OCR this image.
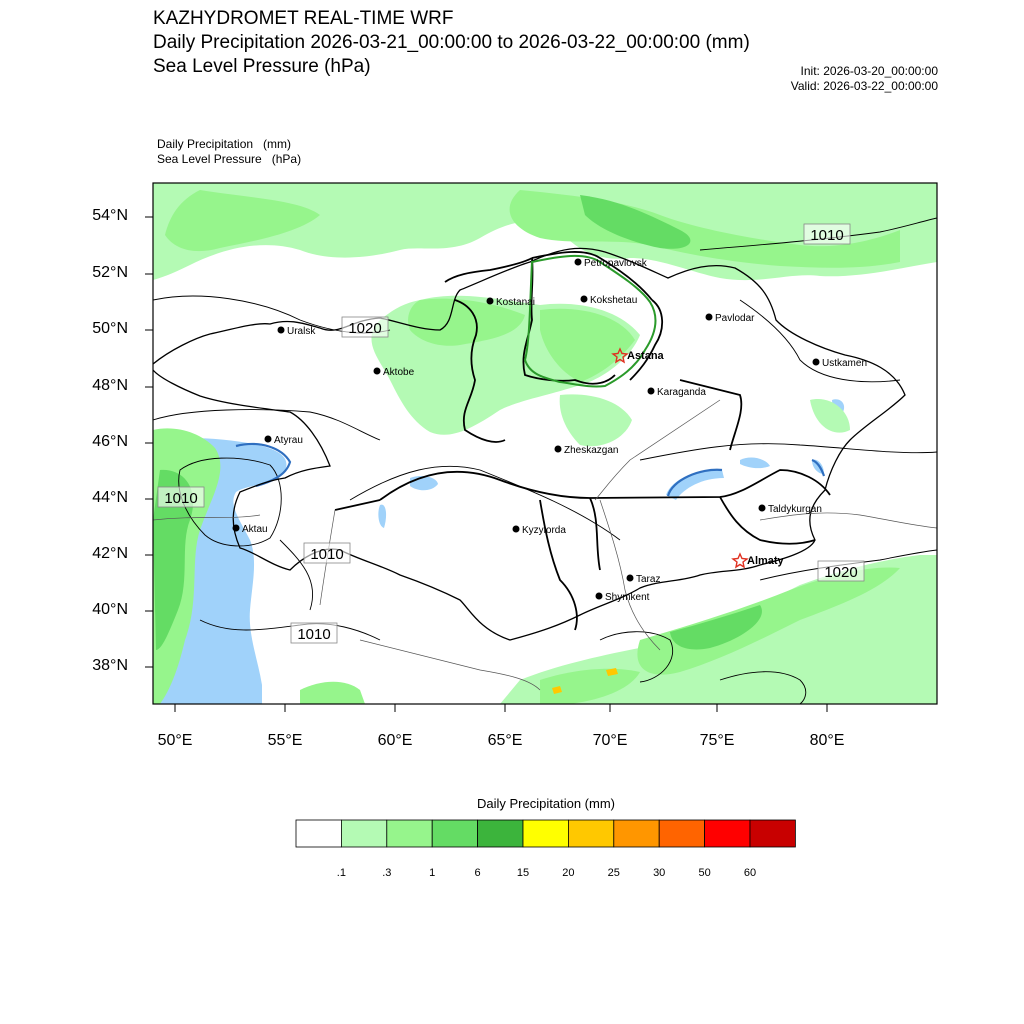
KAZHYDROMET REAL-TIME WRF
Daily Precipitation 2026-03-21_00:00:00 to 2026-03-22_00:00:00 (mm)
Sea Level Pressure (hPa)	Init: 2026-03-20_00:00:00
Valid: 2026-03-22_00:00:00
Daily Precipitation   (mm)
Sea Level Pressure   (hPa)
Petropavlovsk
Kostanai	Kokshetau
Pavlodar
Uralsk
Aktobe
Astana
Ustkamen
Karaganda
Atyrau
Zheskazgan
Aktau	Kyzylorda
Taldykurgan
Almaty
Taraz
Shymkent
1010
1020
1010
1010
1010
1020
54°N
52°N
50°N
48°N
46°N
44°N
42°N
40°N
38°N
50°E	55°E	60°E	65°E	70°E	75°E	80°E
Daily Precipitation (mm)
.1	.3	1	6	15	20	25	30	50	60
